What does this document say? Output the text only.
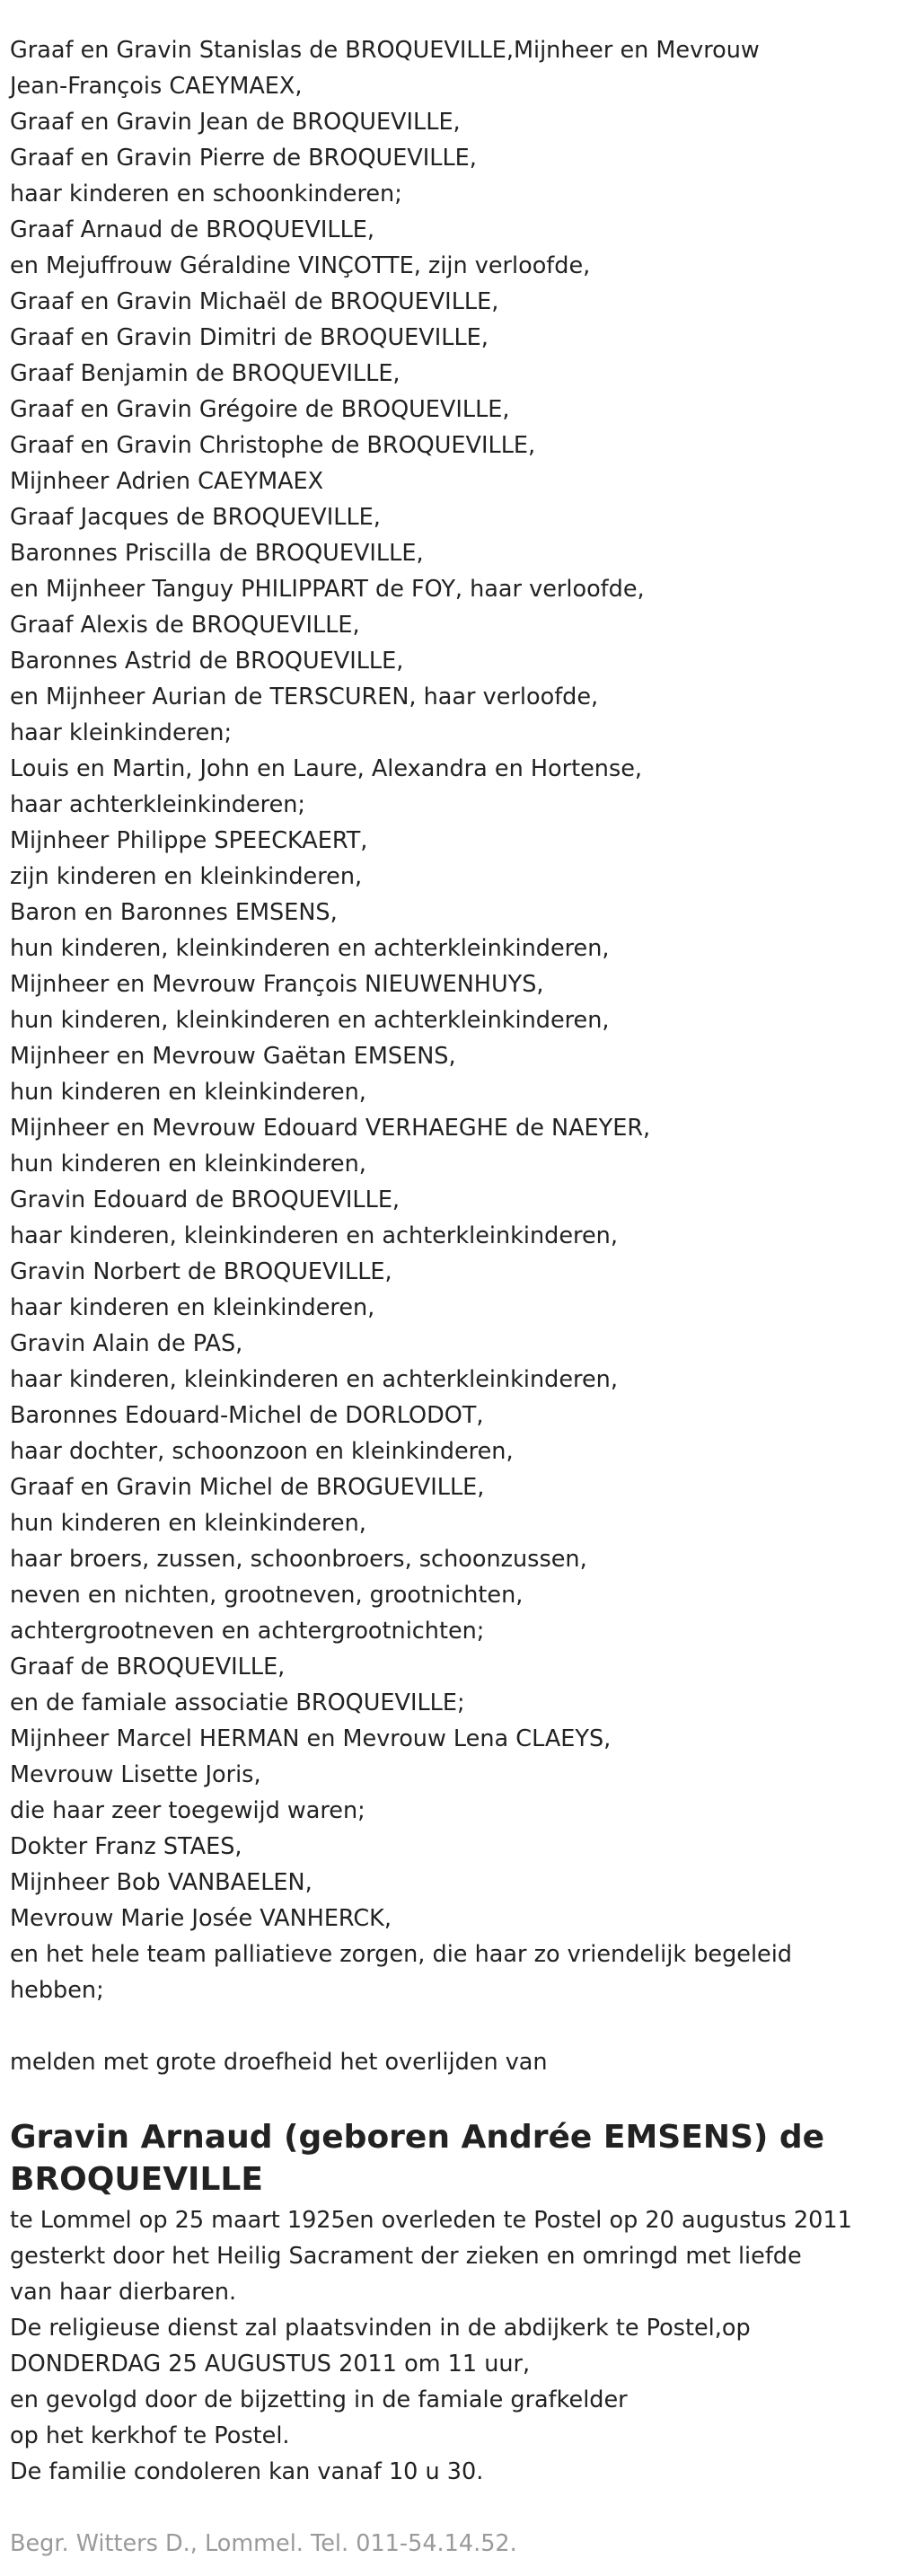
Graaf en Gravin Stanislas de BROQUEVILLE,Mijnheer en Mevrouw
Jean-François CAEYMAEX,
Graaf en Gravin Jean de BROQUEVILLE,
Graaf en Gravin Pierre de BROQUEVILLE,
haar kinderen en schoonkinderen;
Graaf Arnaud de BROQUEVILLE,
en Mejuffrouw Géraldine VINÇOTTE, zijn verloofde,
Graaf en Gravin Michaël de BROQUEVILLE,
Graaf en Gravin Dimitri de BROQUEVILLE,
Graaf Benjamin de BROQUEVILLE,
Graaf en Gravin Grégoire de BROQUEVILLE,
Graaf en Gravin Christophe de BROQUEVILLE,
Mijnheer Adrien CAEYMAEX
Graaf Jacques de BROQUEVILLE,
Baronnes Priscilla de BROQUEVILLE,
en Mijnheer Tanguy PHILIPPART de FOY, haar verloofde,
Graaf Alexis de BROQUEVILLE,
Baronnes Astrid de BROQUEVILLE,
en Mijnheer Aurian de TERSCUREN, haar verloofde,
haar kleinkinderen;
Louis en Martin, John en Laure, Alexandra en Hortense,
haar achterkleinkinderen;
Mijnheer Philippe SPEECKAERT,
zijn kinderen en kleinkinderen,
Baron en Baronnes EMSENS,
hun kinderen, kleinkinderen en achterkleinkinderen,
Mijnheer en Mevrouw François NIEUWENHUYS,
hun kinderen, kleinkinderen en achterkleinkinderen,
Mijnheer en Mevrouw Gaëtan EMSENS,
hun kinderen en kleinkinderen,
Mijnheer en Mevrouw Edouard VERHAEGHE de NAEYER,
hun kinderen en kleinkinderen,
Gravin Edouard de BROQUEVILLE,
haar kinderen, kleinkinderen en achterkleinkinderen,
Gravin Norbert de BROQUEVILLE,
haar kinderen en kleinkinderen,
Gravin Alain de PAS,
haar kinderen, kleinkinderen en achterkleinkinderen,
Baronnes Edouard-Michel de DORLODOT,
haar dochter, schoonzoon en kleinkinderen,
Graaf en Gravin Michel de BROGUEVILLE,
hun kinderen en kleinkinderen,
haar broers, zussen, schoonbroers, schoonzussen,
neven en nichten, grootneven, grootnichten,
achtergrootneven en achtergrootnichten;
Graaf de BROQUEVILLE,
en de famiale associatie BROQUEVILLE;
Mijnheer Marcel HERMAN en Mevrouw Lena CLAEYS,
Mevrouw Lisette Joris,
die haar zeer toegewijd waren;
Dokter Franz STAES,
Mijnheer Bob VANBAELEN,
Mevrouw Marie Josée VANHERCK,
en het hele team palliatieve zorgen, die haar zo vriendelijk begeleid
hebben;
melden met grote droefheid het overlijden van
Gravin Arnaud (geboren Andrée EMSENS) de
BROQUEVILLE
te Lommel op 25 maart 1925en overleden te Postel op 20 augustus 2011
gesterkt door het Heilig Sacrament der zieken en omringd met liefde
van haar dierbaren.
De religieuse dienst zal plaatsvinden in de abdijkerk te Postel,op
DONDERDAG 25 AUGUSTUS 2011 om 11 uur,
en gevolgd door de bijzetting in de famiale grafkelder
op het kerkhof te Postel.
De familie condoleren kan vanaf 10 u 30.
Begr. Witters D., Lommel. Tel. 011-54.14.52.
